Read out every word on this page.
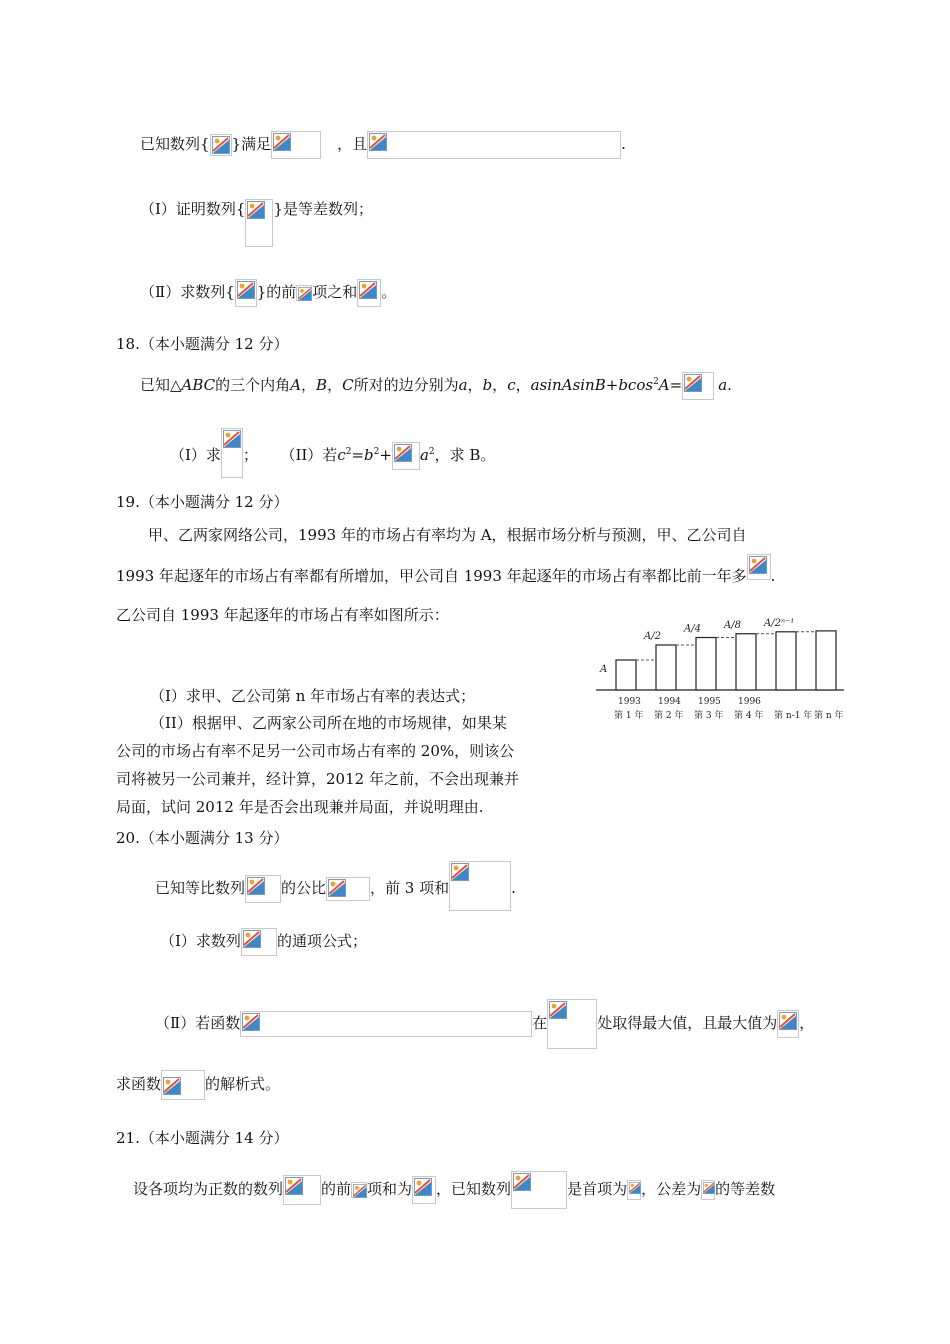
已知数列{ }满足	，且	.
（Ⅰ）证明数列{ }是等差数列；
（Ⅱ）求数列{ }的前 项之和 。
18.（本小题满分 12 分）
已知△ABC的三个内角A，B，C所对的边分别为a，b，c，asinAsinB+bcos$^2$A= a.
（I）求 ； （II）若$c^2=b^2+ a^2$，求 B。
19.（本小题满分 12 分）
甲、乙两家网络公司，1993 年的市场占有率均为 A，根据市场分析与预测，甲、乙公司自
1993 年起逐年的市场占有率都有所增加，甲公司自 1993 年起逐年的市场占有率都比前一年多 .
乙公司自 1993 年起逐年的市场占有率如图所示：
（I）求甲、乙公司第 n 年市场占有率的表达式；
（II）根据甲、乙两家公司所在地的市场规律，如果某
公司的市场占有率不足另一公司市场占有率的 20%，则该公
司将被另一公司兼并，经计算，2012 年之前，不会出现兼并
局面，试问 2012 年是否会出现兼并局面，并说明理由.
A
1993
第 1 年
A/2
1994
第 2 年
A/4
1995
第 3 年
A/8
1996
第 4 年
A/2ⁿ⁻¹
第 n-1 年 第 n 年
20.（本小题满分 13 分）
已知等比数列 的公比	，前 3 项和	.
（Ⅰ）求数列 的通项公式；
（Ⅱ）若函数	在	处取得最大值，且最大值为 ，
求函数	的解析式。
21.（本小题满分 14 分）
设各项均为正数的数列	的前 项和为 ，已知数列	是首项为 ，公差为 的等差数
